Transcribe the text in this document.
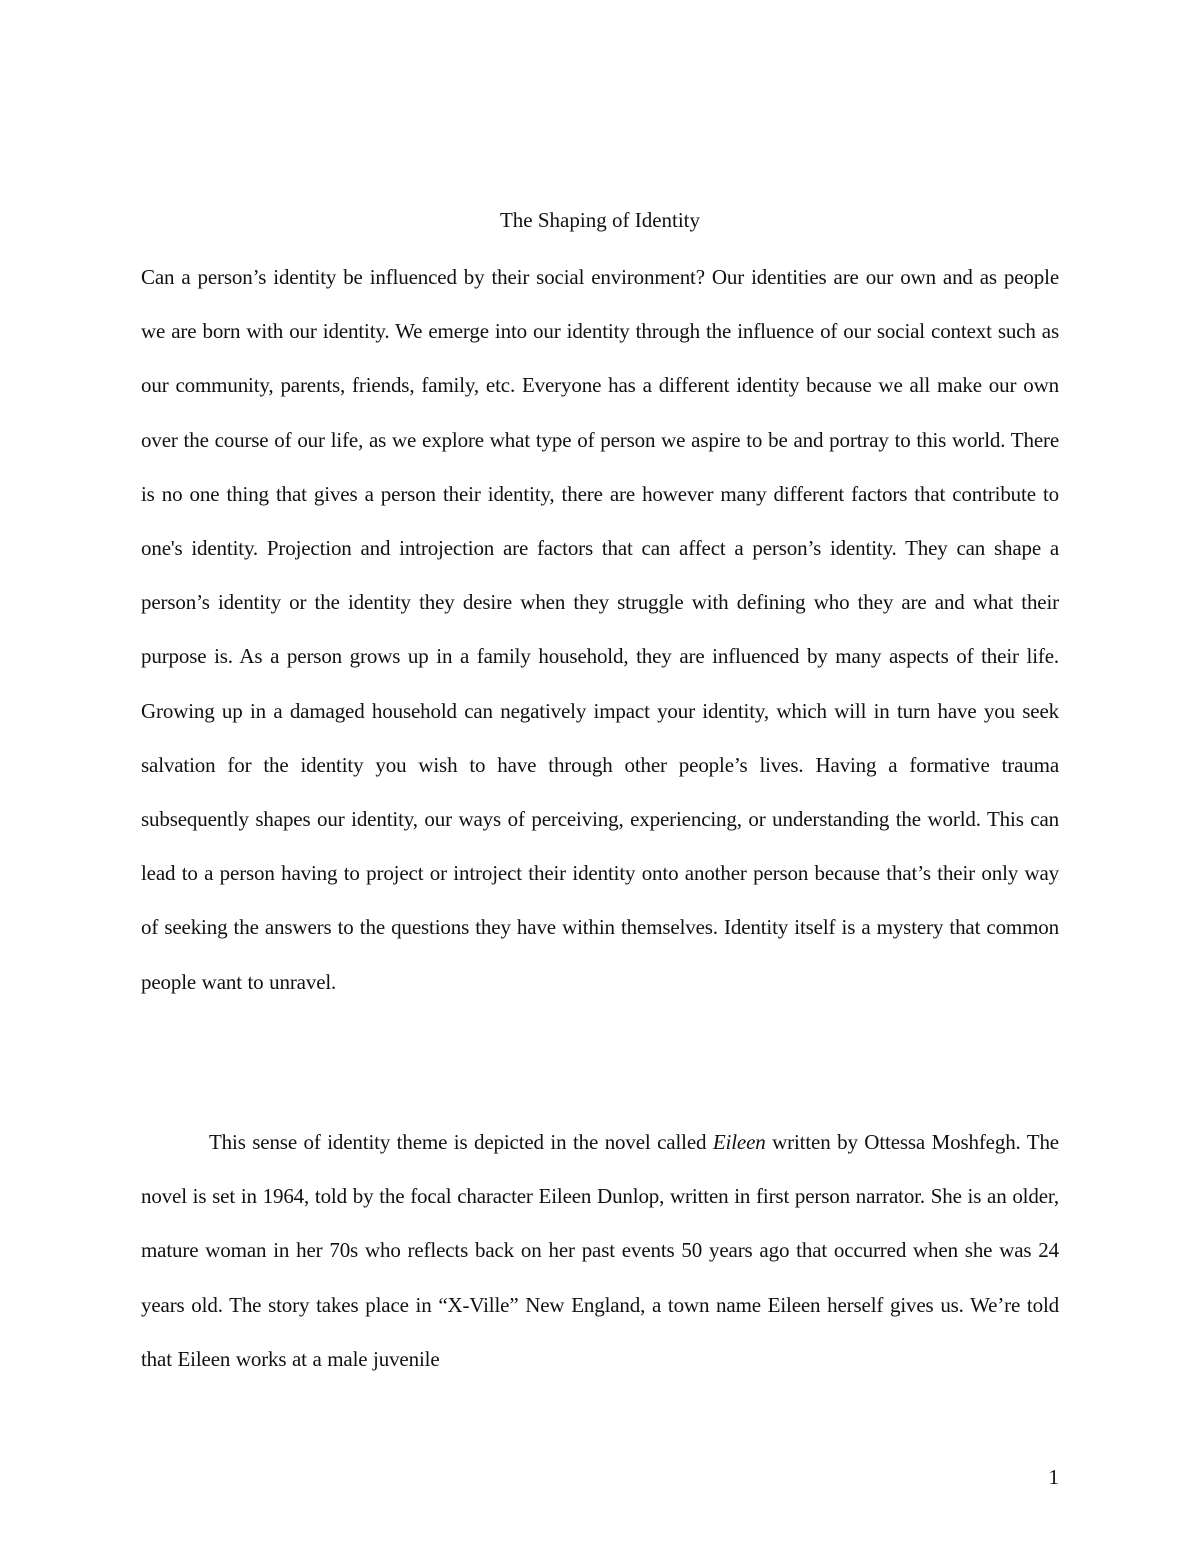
The Shaping of Identity

Can a person’s identity be influenced by their social environment? Our identities are our own and as people we are born with our identity. We emerge into our identity through the influence of our social context such as our community, parents, friends, family, etc. Everyone has a different identity because we all make our own over the course of our life, as we explore what type of person we aspire to be and portray to this world. There is no one thing that gives a person their identity, there are however many different factors that contribute to one's identity. Projection and introjection are factors that can affect a person’s identity. They can shape a person’s identity or the identity they desire when they struggle with defining who they are and what their purpose is. As a person grows up in a family household, they are influenced by many aspects of their life. Growing up in a damaged household can negatively impact your identity, which will in turn have you seek salvation for the identity you wish to have through other people’s lives. Having a formative trauma subsequently shapes our identity, our ways of perceiving, experiencing, or understanding the world. This can lead to a person having to project or introject their identity onto another person because that’s their only way of seeking the answers to the questions they have within themselves. Identity itself is a mystery that common people want to unravel.

This sense of identity theme is depicted in the novel called Eileen written by Ottessa Moshfegh. The novel is set in 1964, told by the focal character Eileen Dunlop, written in first person narrator. She is an older, mature woman in her 70s who reflects back on her past events 50 years ago that occurred when she was 24 years old. The story takes place in “X-Ville” New England, a town name Eileen herself gives us. We’re told that Eileen works at a male juvenile

1
